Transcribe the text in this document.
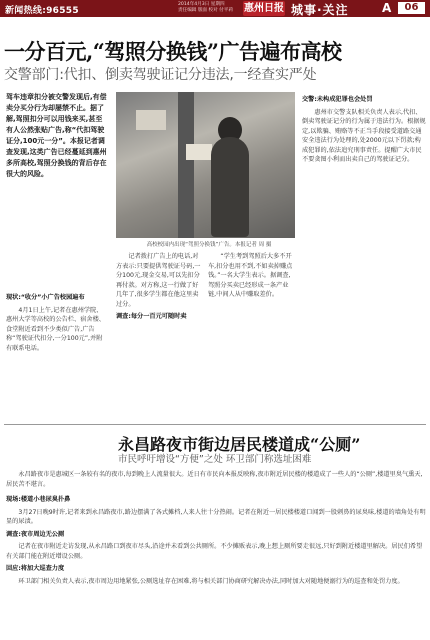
新闻热线:96555
2014年4月3日 星期四
责任编辑 版面 校对 付平莉	惠州日报 城事·关注	A	06
一分百元,“驾照分换钱”广告遍布高校
交警部门:代扣、倒卖驾驶证记分违法,一经查实严处
驾车违章扣分被交警发现后,有偿卖分买分行为却屡禁不止。据了解,驾照扣分可以用钱来买,甚至有人公然张贴广告,称“代扣驾驶证分,100元一分”。本报记者调查发现,这类广告已经蔓延到惠州多所高校,驾照分换钱的背后存在很大的风险。
高校校园内出现“驾照分换钱”广告。本报记者 周 摄
现状:“收分”小广告校园遍布

4月1日上午,记者在惠州学院、惠州大学等高校的公告栏、宿舍楼、食堂附近看到不少类似广告,广告称“驾驶证代扣分,一分100元”,并附有联系电话。

记者拨打广告上的电话,对方表示:只要提供驾驶证号码,一分100元,现金交易,可以先扣分再付款。对方称,这一行做了好几年了,很多学生都在他这里卖过分。

调查:每分一百元可随时卖

“学生考到驾照后大多不开车,扣分也用不到,不如卖掉赚点钱。”一名大学生表示。据调查,驾照分买卖已经形成一条产业链,中间人从中赚取差价。

交警:未构成犯罪也会处罚

惠州市交警支队相关负责人表示,代扣、倒卖驾驶证记分的行为属于违法行为。根据规定,以欺骗、贿赂等不正当手段接受道路交通安全违法行为处理的,处2000元以下罚款;构成犯罪的,依法追究刑事责任。提醒广大市民不要贪图小利而出卖自己的驾驶证记分。

永昌路夜市街边居民楼道成“公厕”
市民呼吁增设“方便”之处 环卫部门称选址困难

永昌路夜市是惠城区一条较有名的夜市,每到晚上人流量很大。近日有市民向本报反映称,夜市附近居民楼的楼道成了一些人的“公厕”,楼道里臭气熏天,居民苦不堪言。

现场:楼道小巷尿臭扑鼻

3月27日晚9时许,记者来到永昌路夜市,路边摆满了各式摊档,人来人往十分热闹。记者在附近一居民楼楼道口闻到一股刺鼻的尿臭味,楼道的墙角处有明显的尿渍。

调查:夜市周边无公厕

记者在夜市附近走访发现,从永昌路口到夜市尽头,沿途并未看到公共厕所。不少摊贩表示,晚上想上厕所要走很远,只好到附近楼道里解决。居民们希望有关部门能在附近增设公厕。

回应:将加大巡查力度

环卫部门相关负责人表示,夜市周边用地紧张,公厕选址存在困难,将与相关部门协商研究解决办法,同时加大对随地便溺行为的巡查和处罚力度。
